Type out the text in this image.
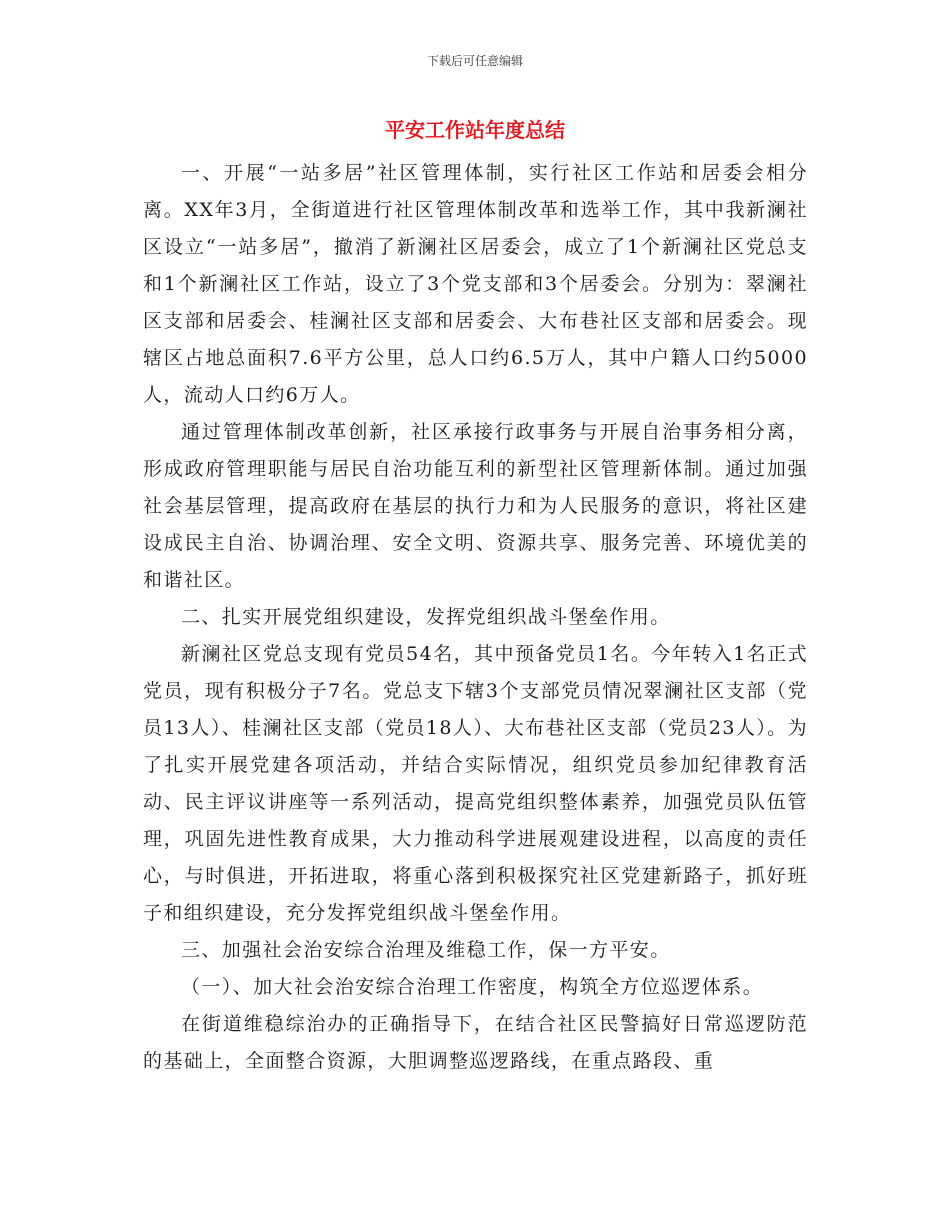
下载后可任意编辑
平安工作站年度总结

一、开展“一站多居”社区管理体制，实行社区工作站和居委会相分离。XX年3月，全街道进行社区管理体制改革和选举工作，其中我新澜社区设立“一站多居”，撤消了新澜社区居委会，成立了1个新澜社区党总支和1个新澜社区工作站，设立了3个党支部和3个居委会。分别为：翠澜社区支部和居委会、桂澜社区支部和居委会、大布巷社区支部和居委会。现辖区占地总面积7.6平方公里，总人口约6.5万人，其中户籍人口约5000人，流动人口约6万人。

通过管理体制改革创新，社区承接行政事务与开展自治事务相分离，形成政府管理职能与居民自治功能互利的新型社区管理新体制。通过加强社会基层管理，提高政府在基层的执行力和为人民服务的意识，将社区建设成民主自治、协调治理、安全文明、资源共享、服务完善、环境优美的和谐社区。

二、扎实开展党组织建设，发挥党组织战斗堡垒作用。

新澜社区党总支现有党员54名，其中预备党员1名。今年转入1名正式党员，现有积极分子7名。党总支下辖3个支部党员情况翠澜社区支部（党员13人）、桂澜社区支部（党员18人）、大布巷社区支部（党员23人）。为了扎实开展党建各项活动，并结合实际情况，组织党员参加纪律教育活动、民主评议讲座等一系列活动，提高党组织整体素养，加强党员队伍管理，巩固先进性教育成果，大力推动科学进展观建设进程，以高度的责任心，与时俱进，开拓进取，将重心落到积极探究社区党建新路子，抓好班子和组织建设，充分发挥党组织战斗堡垒作用。

三、加强社会治安综合治理及维稳工作，保一方平安。

（一）、加大社会治安综合治理工作密度，构筑全方位巡逻体系。

在街道维稳综治办的正确指导下，在结合社区民警搞好日常巡逻防范的基础上，全面整合资源，大胆调整巡逻路线，在重点路段、重
